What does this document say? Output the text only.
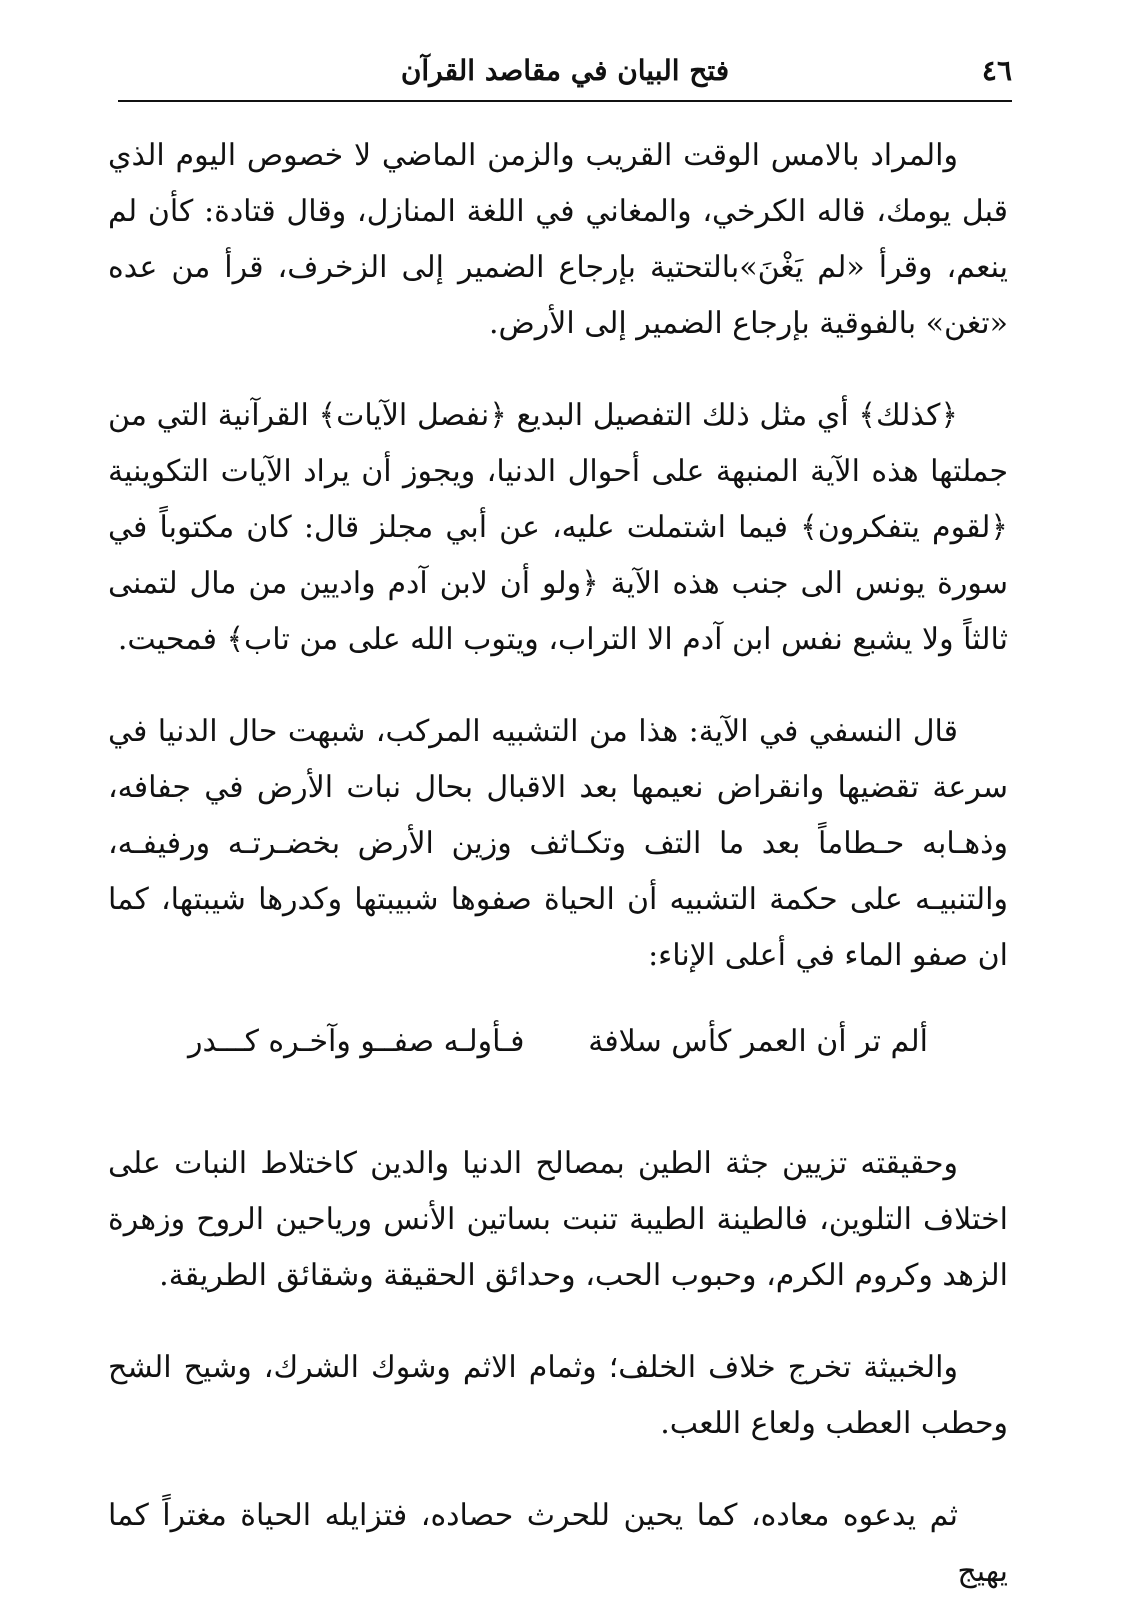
٤٦
فتح البيان في مقاصد القرآن

والمراد بالامس الوقت القريب والزمن الماضي لا خصوص اليوم الذي قبل يومك، قاله الكرخي، والمغاني في اللغة المنازل، وقال قتادة: كأن لم ينعم، وقرأ «لم يَغْنَ»بالتحتية بإرجاع الضمير إلى الزخرف، قرأ من عده «تغن» بالفوقية بإرجاع الضمير إلى الأرض.

﴿كذلك﴾ أي مثل ذلك التفصيل البديع ﴿نفصل الآيات﴾ القرآنية التي من جملتها هذه الآية المنبهة على أحوال الدنيا، ويجوز أن يراد الآيات التكوينية ﴿لقوم يتفكرون﴾ فيما اشتملت عليه، عن أبي مجلز قال: كان مكتوباً في سورة يونس الى جنب هذه الآية ﴿ولو أن لابن آدم واديين من مال لتمنى ثالثاً ولا يشبع نفس ابن آدم الا التراب، ويتوب الله على من تاب﴾ فمحيت.

قال النسفي في الآية: هذا من التشبيه المركب، شبهت حال الدنيا في سرعة تقضيها وانقراض نعيمها بعد الاقبال بحال نبات الأرض في جفافه، وذهـابه حـطاماً بعد ما التف وتكـاثف وزين الأرض بخضـرتـه ورفيفـه، والتنبيـه على حكمة التشبيه أن الحياة صفوها شبيبتها وكدرها شيبتها، كما ان صفو الماء في أعلى الإناء:

ألم تر أن العمر كأس سلافة
فـأولـه صفــو وآخـره كـــدر

وحقيقته تزيين جثة الطين بمصالح الدنيا والدين كاختلاط النبات على اختلاف التلوين، فالطينة الطيبة تنبت بساتين الأنس ورياحين الروح وزهرة الزهد وكروم الكرم، وحبوب الحب، وحدائق الحقيقة وشقائق الطريقة.

والخبيثة تخرج خلاف الخلف؛ وثمام الاثم وشوك الشرك، وشيح الشح وحطب العطب ولعاع اللعب.

ثم يدعوه معاده، كما يحين للحرث حصاده، فتزايله الحياة مغتراً كما يهيج
